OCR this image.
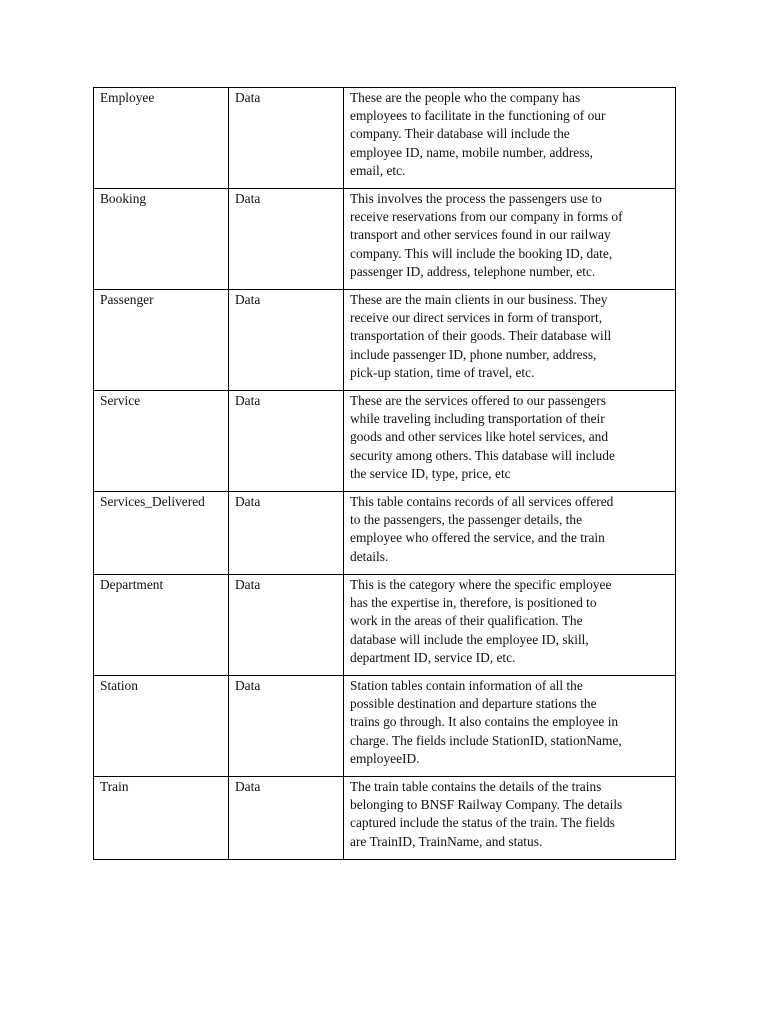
Employee	Data	These are the people who the company has
employees to facilitate in the functioning of our
company. Their database will include the
employee ID, name, mobile number, address,
email, etc.

Booking	Data	This involves the process the passengers use to
receive reservations from our company in forms of
transport and other services found in our railway
company. This will include the booking ID, date,
passenger ID, address, telephone number, etc.

Passenger	Data	These are the main clients in our business. They
receive our direct services in form of transport,
transportation of their goods. Their database will
include passenger ID, phone number, address,
pick-up station, time of travel, etc.

Service	Data	These are the services offered to our passengers
while traveling including transportation of their
goods and other services like hotel services, and
security among others. This database will include
the service ID, type, price, etc

Services_Delivered	Data	This table contains records of all services offered
to the passengers, the passenger details, the
employee who offered the service, and the train
details.

Department	Data	This is the category where the specific employee
has the expertise in, therefore, is positioned to
work in the areas of their qualification. The
database will include the employee ID, skill,
department ID, service ID, etc.

Station	Data	Station tables contain information of all the
possible destination and departure stations the
trains go through. It also contains the employee in
charge. The fields include StationID, stationName,
employeeID.

Train	Data	The train table contains the details of the trains
belonging to BNSF Railway Company. The details
captured include the status of the train. The fields
are TrainID, TrainName, and status.
